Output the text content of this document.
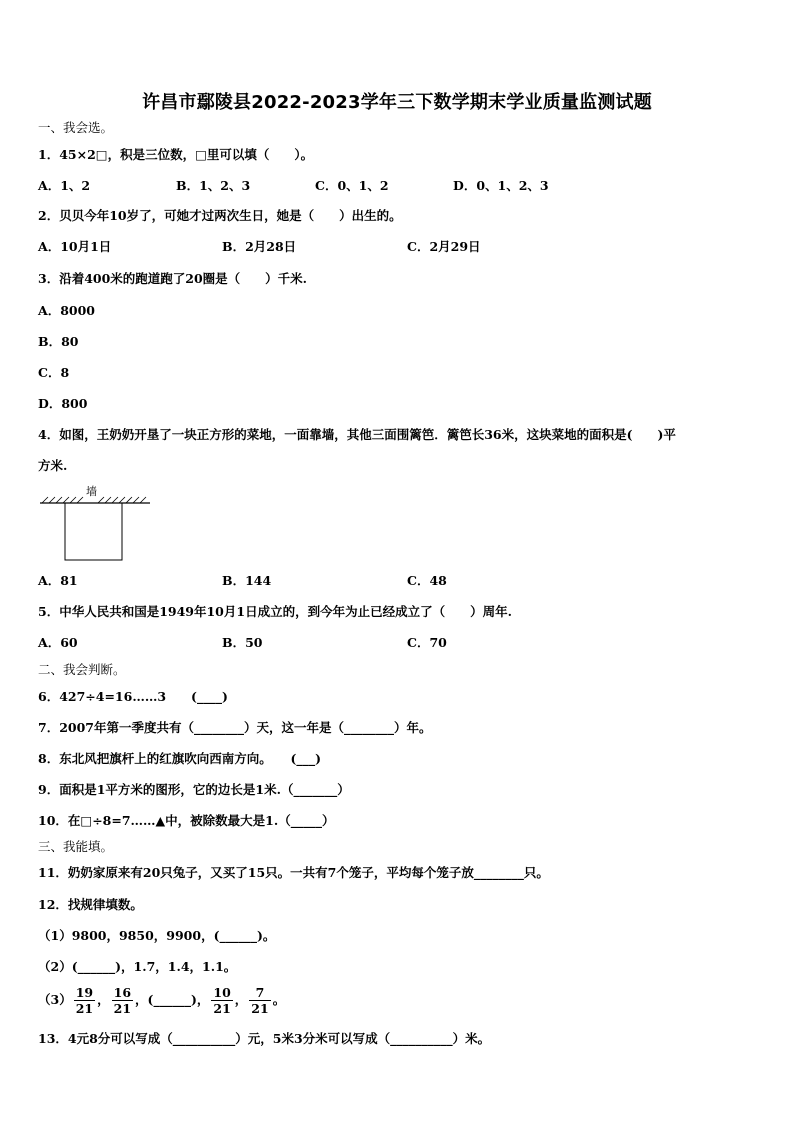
许昌市鄢陵县2022-2023学年三下数学期末学业质量监测试题
一、我会选。
1．45×2□，积是三位数，□里可以填（　　）。
A．1、2	B．1、2、3	C．0、1、2	D．0、1、2、3
2．贝贝今年10岁了，可她才过两次生日，她是（　　）出生的。
A．10月1日	B．2月28日	C．2月29日
3．沿着400米的跑道跑了20圈是（　　）千米.
A．8000
B．80
C．8
D．800
4．如图，王奶奶开垦了一块正方形的菜地，一面靠墙，其他三面围篱笆．篱笆长36米，这块菜地的面积是(　　)平
方米.
墙
A．81	B．144	C．48
5．中华人民共和国是1949年10月1日成立的，到今年为止已经成立了（　　）周年.
A．60	B．50	C．70
二、我会判断。
6．427÷4=16……3　　(____)
7．2007年第一季度共有（________）天，这一年是（________）年。
8．东北风把旗杆上的红旗吹向西南方向。　　(___)
9．面积是1平方米的图形，它的边长是1米.（_______）
10．在□÷8=7……▲中，被除数最大是1.（_____）
三、我能填。
11．奶奶家原来有20只兔子，又买了15只。一共有7个笼子，平均每个笼子放________只。
12．找规律填数。
（1）9800，9850，9900，(______)。
（2）(______)，1.7，1.4，1.1。
$(3) \frac{19}{21}$ ， $\frac{16}{21}$ ，(______)， $\frac{10}{21}$ ， $\frac{7}{21}$ 。
13．4元8分可以写成（__________）元，5米3分米可以写成（__________）米。
